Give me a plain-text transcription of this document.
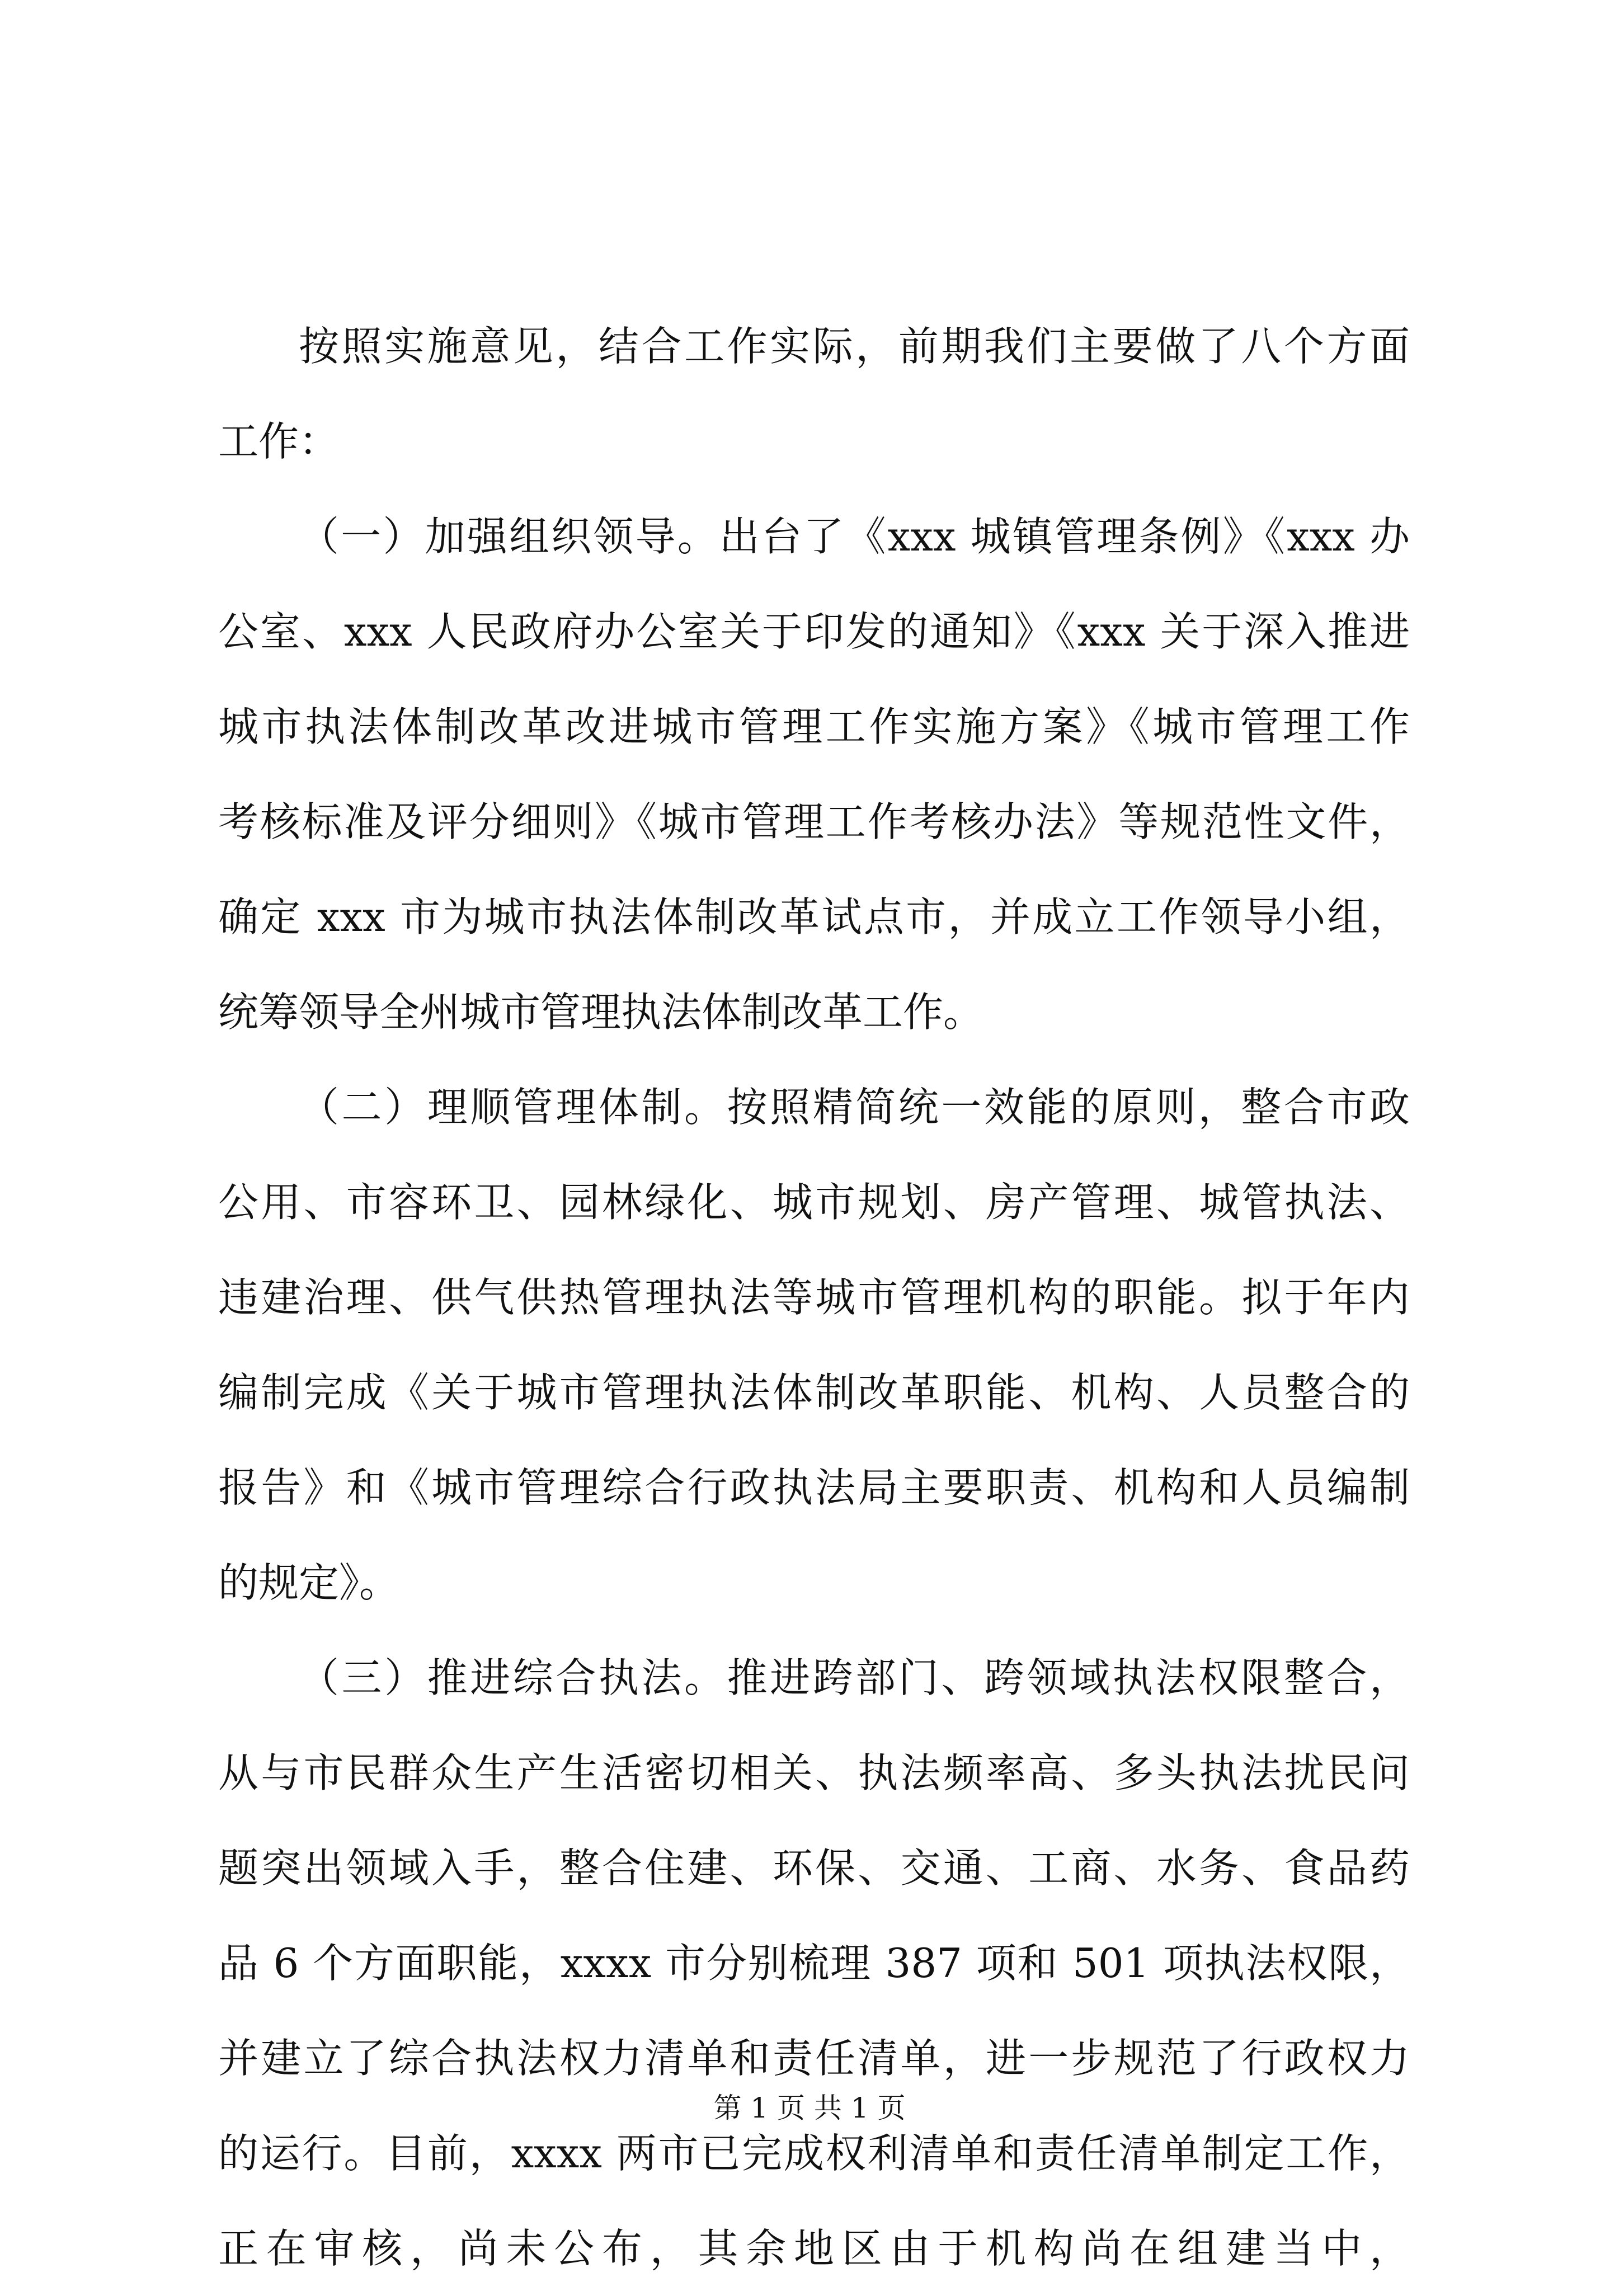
按照实施意见，结合工作实际，前期我们主要做了八个方面
工作：
（一）加强组织领导。出台了《xxx 城镇管理条例》《xxx 办
公室、xxx 人民政府办公室关于印发的通知》《xxx 关于深入推进
城市执法体制改革改进城市管理工作实施方案》《城市管理工作
考核标准及评分细则》《城市管理工作考核办法》等规范性文件，
确定 xxx 市为城市执法体制改革试点市，并成立工作领导小组，
统筹领导全州城市管理执法体制改革工作。
（二）理顺管理体制。按照精简统一效能的原则，整合市政
公用、市容环卫、园林绿化、城市规划、房产管理、城管执法、
违建治理、供气供热管理执法等城市管理机构的职能。拟于年内
编制完成《关于城市管理执法体制改革职能、机构、人员整合的
报告》和《城市管理综合行政执法局主要职责、机构和人员编制
的规定》。
（三）推进综合执法。推进跨部门、跨领域执法权限整合，
从与市民群众生产生活密切相关、执法频率高、多头执法扰民问
题突出领域入手，整合住建、环保、交通、工商、水务、食品药
品 6 个方面职能，xxxx 市分别梳理 387 项和 501 项执法权限，
并建立了综合执法权力清单和责任清单，进一步规范了行政权力
的运行。目前，xxxx 两市已完成权利清单和责任清单制定工作，
正在审核，尚未公布，其余地区由于机构尚在组建当中，
第 1 页 共 1 页
